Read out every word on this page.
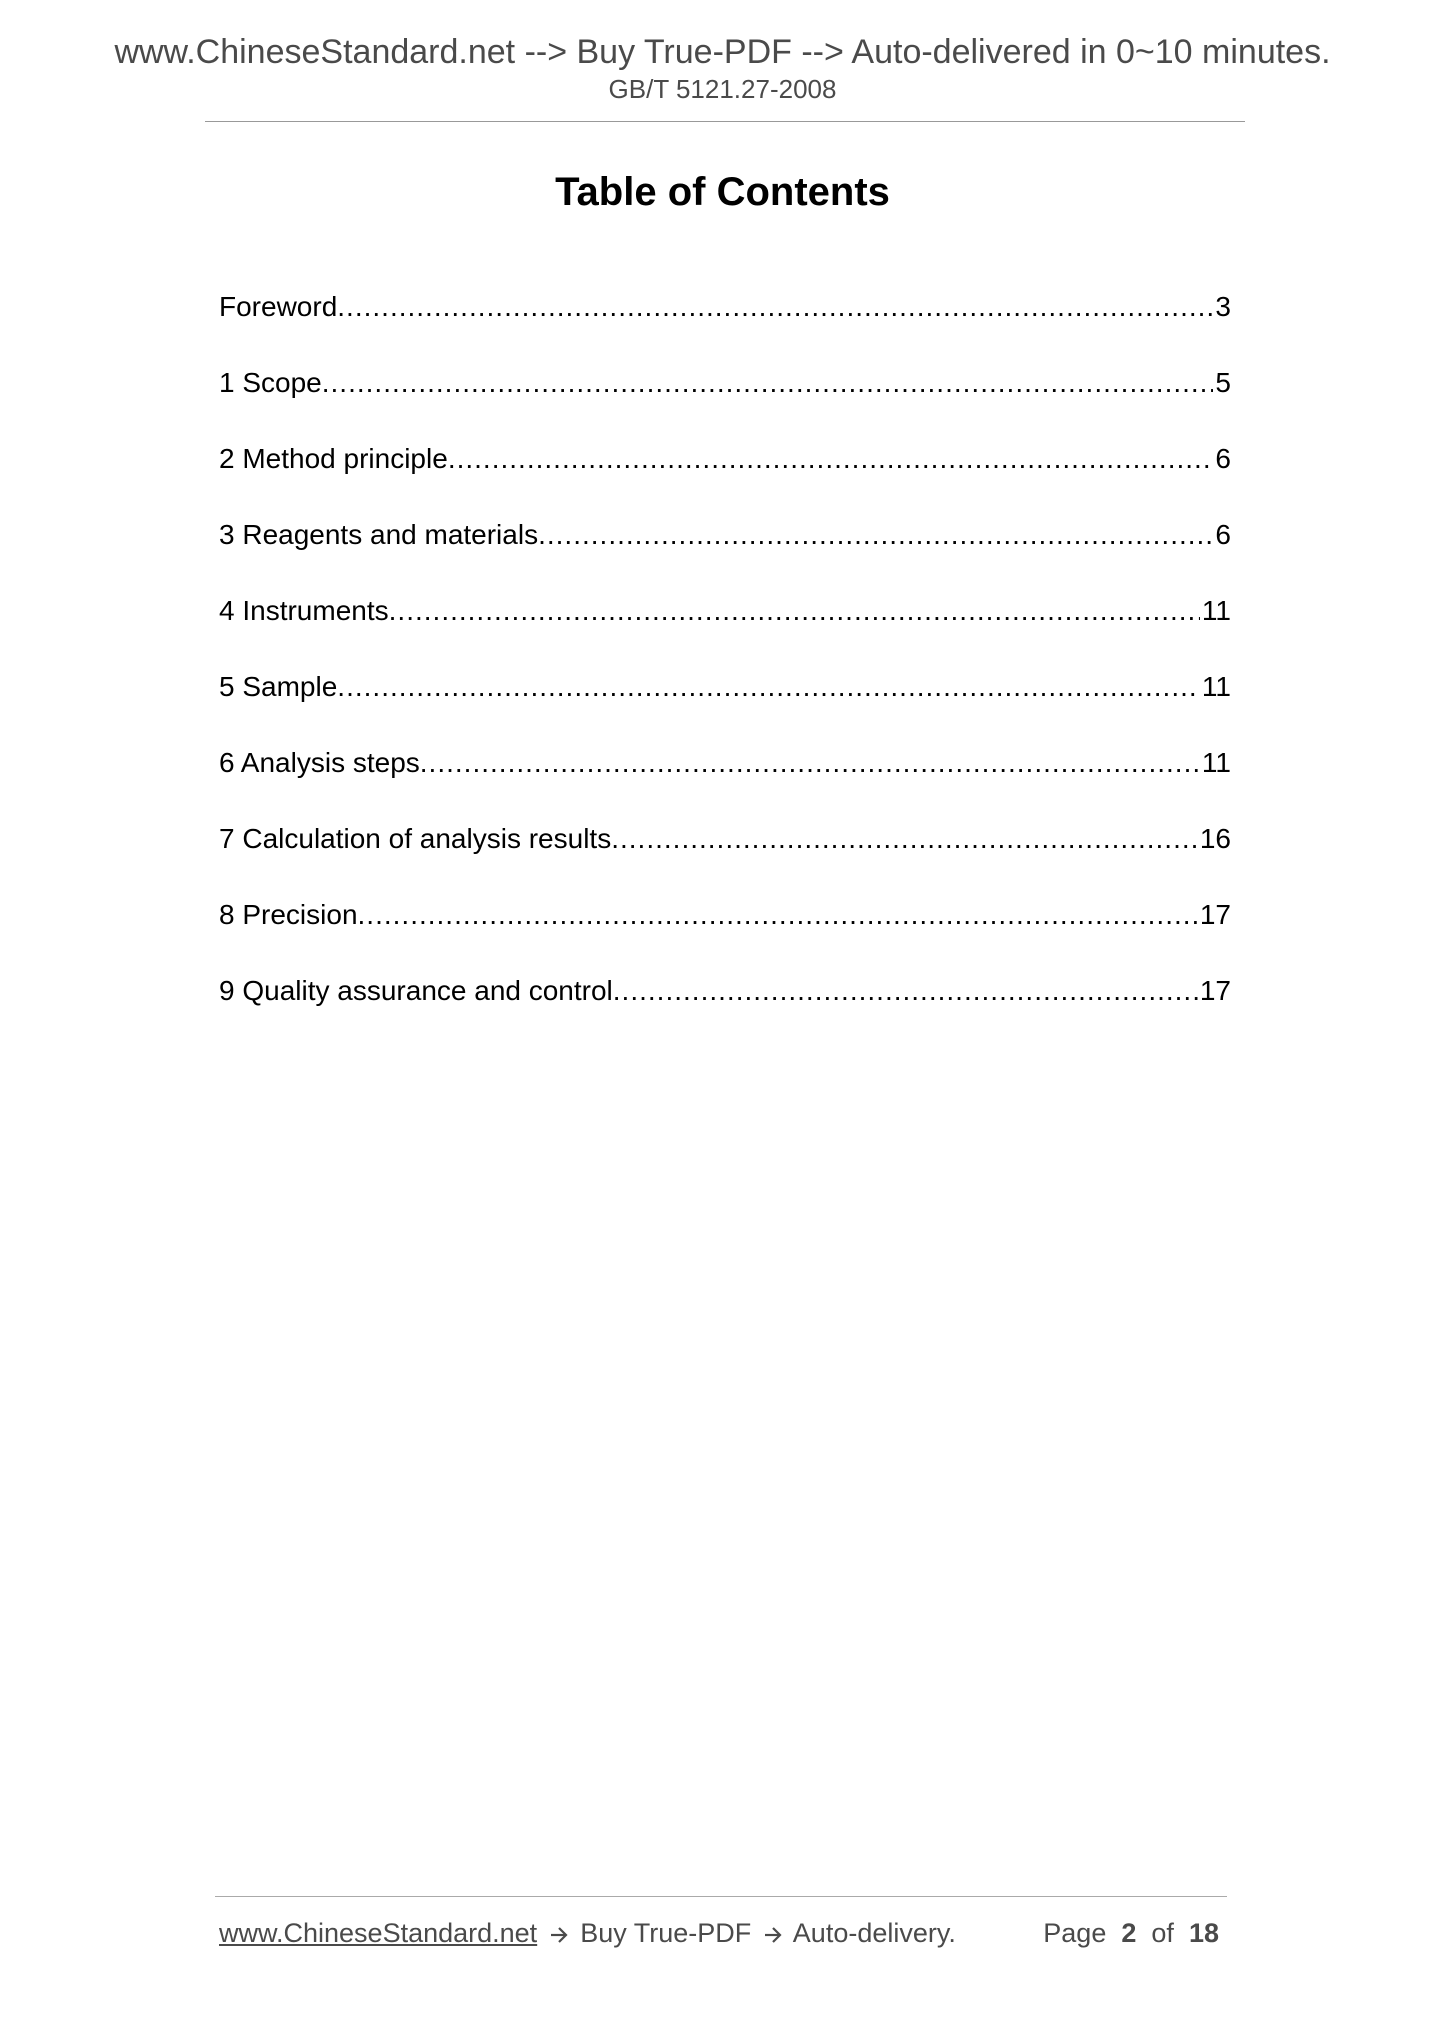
www.ChineseStandard.net --> Buy True-PDF --> Auto-delivered in 0~10 minutes.
GB/T 5121.27-2008
Table of Contents
Foreword .....	3
1 Scope .....	5
2 Method principle .....	6
3 Reagents and materials .....	6
4 Instruments .....	11
5 Sample .....	11
6 Analysis steps .....	11
7 Calculation of analysis results .....	16
8 Precision .....	17
9 Quality assurance and control .....	17
www.ChineseStandard.net Buy True-PDF Auto-delivery.	Page 2 of 18
